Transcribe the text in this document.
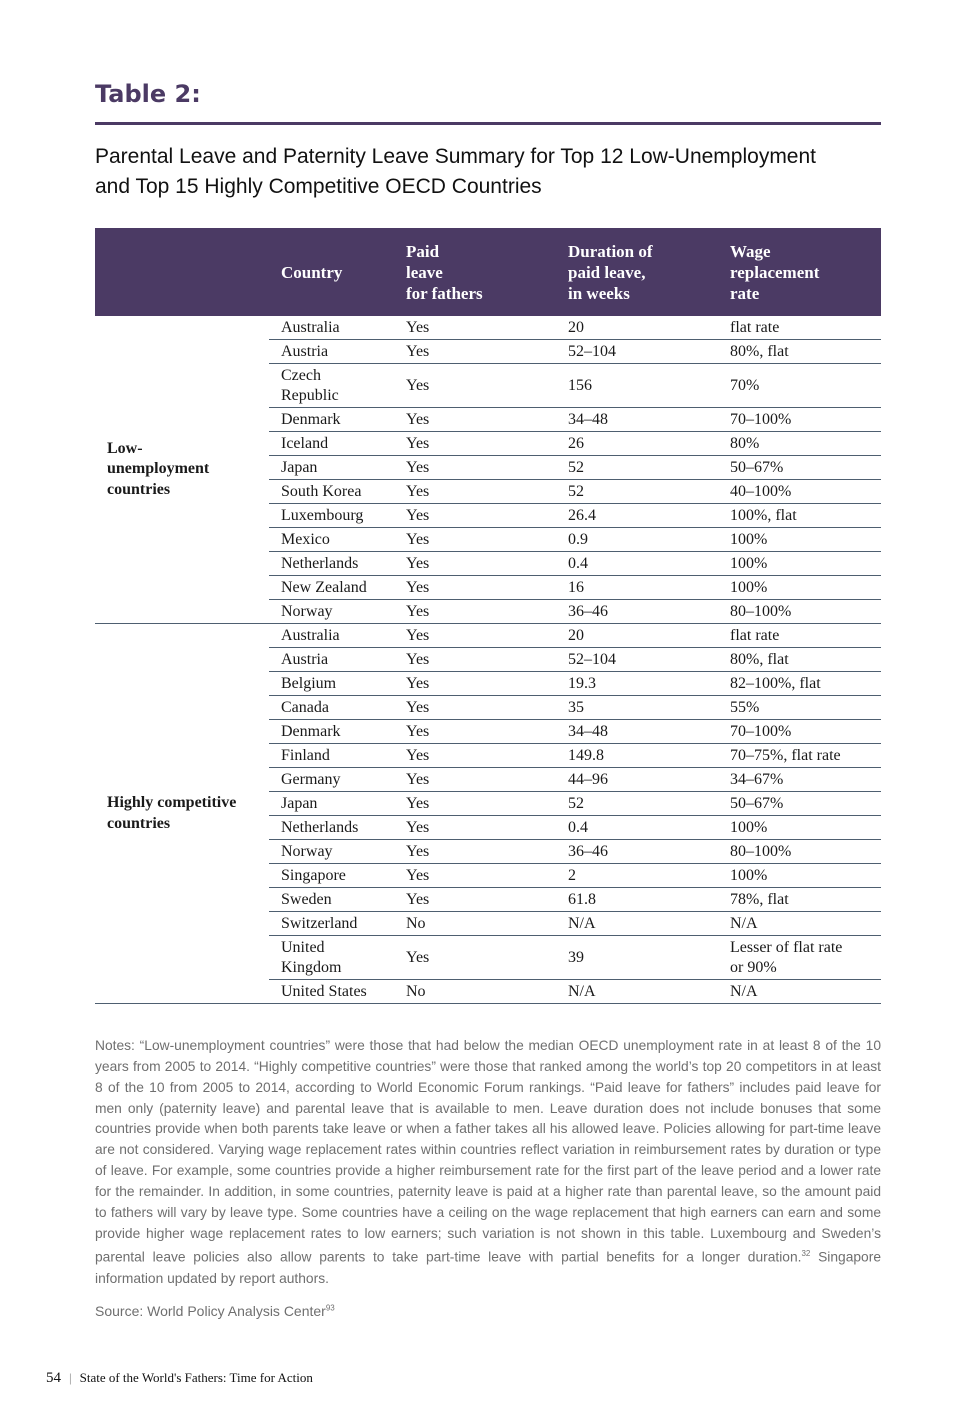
Table 2:
Parental Leave and Paternity Leave Summary for Top 12 Low-Unemployment
and Top 15 Highly Competitive OECD Countries

	Country	Paid
leave
for fathers	Duration of
paid leave,
in weeks	Wage
replacement
rate

Low-
unemployment
countries	Australia	Yes	20	flat rate
	Austria	Yes	52–104	80%, flat

	Czech
Republic	Yes	156	70%
	Denmark	Yes	34–48	70–100%
	Iceland	Yes	26	80%
	Japan	Yes	52	50–67%
	South Korea	Yes	52	40–100%
	Luxembourg	Yes	26.4	100%, flat
	Mexico	Yes	0.9	100%
	Netherlands	Yes	0.4	100%
	New Zealand	Yes	16	100%
	Norway	Yes	36–46	80–100%

Highly competitive
countries	Australia	Yes	20	flat rate
	Austria	Yes	52–104	80%, flat
	Belgium	Yes	19.3	82–100%, flat
	Canada	Yes	35	55%
	Denmark	Yes	34–48	70–100%
	Finland	Yes	149.8	70–75%, flat rate
	Germany	Yes	44–96	34–67%
	Japan	Yes	52	50–67%
	Netherlands	Yes	0.4	100%
	Norway	Yes	36–46	80–100%
	Singapore	Yes	2	100%
	Sweden	Yes	61.8	78%, flat
	Switzerland	No	N/A	N/A

	United
Kingdom	Yes	39	Lesser of flat rate
or 90%

	United States	No	N/A	N/A
Notes: “Low-unemployment countries” were those that had below the median OECD unemployment rate in at least 8 of the 10 years from 2005 to 2014. “Highly competitive countries” were those that ranked among the world’s top 20 competitors in at least 8 of the 10 from 2005 to 2014, according to World Economic Forum rankings. “Paid leave for fathers” includes paid leave for men only (paternity leave) and parental leave that is available to men. Leave duration does not include bonuses that some countries provide when both parents take leave or when a father takes all his allowed leave. Policies allowing for part-time leave are not considered. Varying wage replacement rates within countries reflect variation in reimbursement rates by duration or type of leave. For example, some countries provide a higher reimbursement rate for the first part of the leave period and a lower rate for the remainder. In addition, in some countries, paternity leave is paid at a higher rate than parental leave, so the amount paid to fathers will vary by leave type. Some countries have a ceiling on the wage replacement that high earners can earn and some provide higher wage replacement rates to low earners; such variation is not shown in this table. Luxembourg and Sweden’s parental leave policies also allow parents to take part-time leave with partial benefits for a longer duration.$^{32}$ Singapore information updated by report authors.
Source: World Policy Analysis Center$^{93}$
54 | State of the World's Fathers: Time for Action
